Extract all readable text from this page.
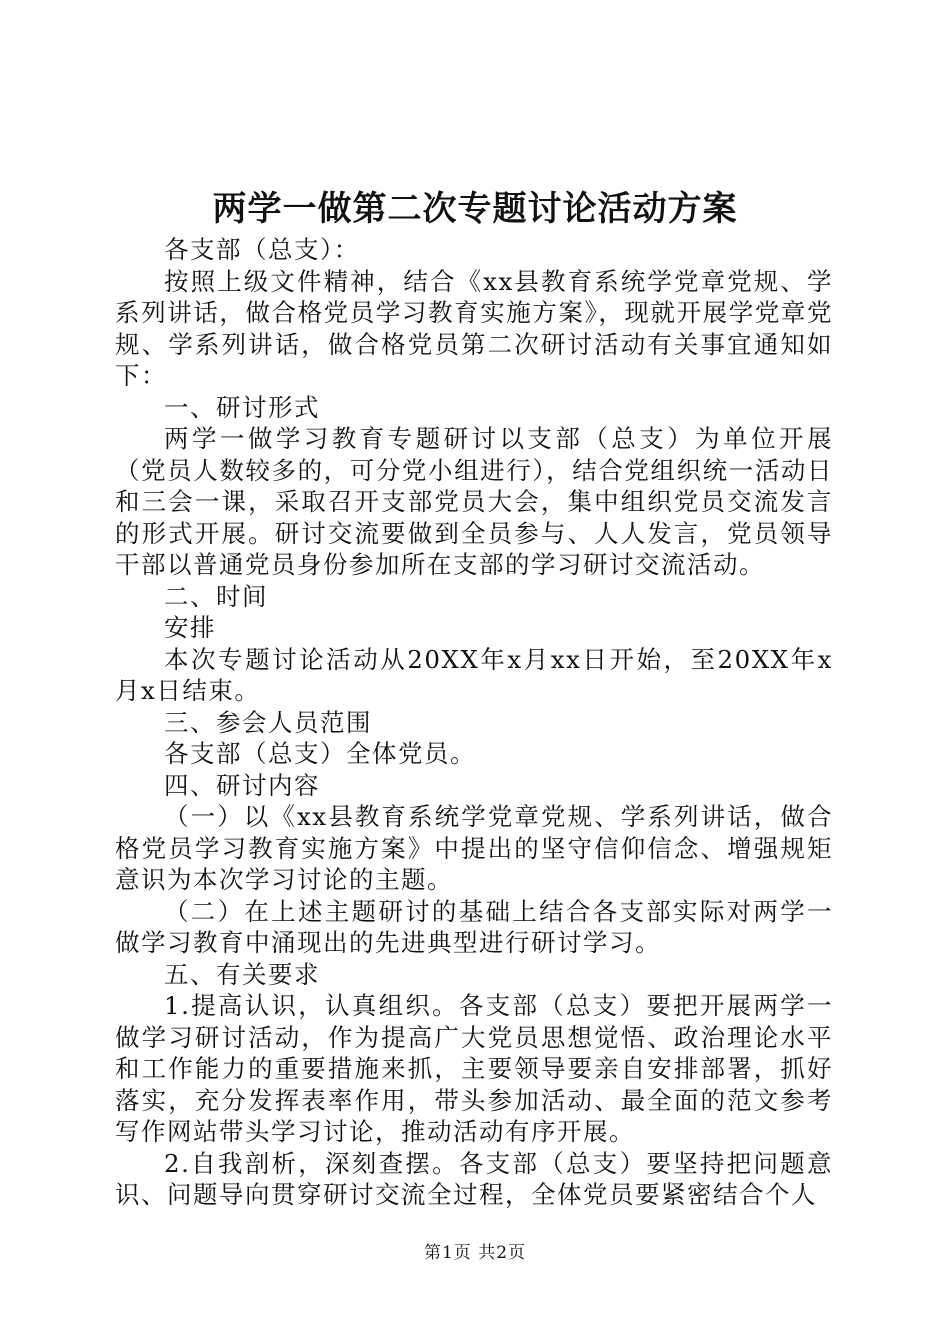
两学一做第二次专题讨论活动方案

各支部（总支）：

按照上级文件精神，结合《xx县教育系统学党章党规、学系列讲话，做合格党员学习教育实施方案》，现就开展学党章党规、学系列讲话，做合格党员第二次研讨活动有关事宜通知如下：

一、研讨形式

两学一做学习教育专题研讨以支部（总支）为单位开展（党员人数较多的，可分党小组进行），结合党组织统一活动日和三会一课，采取召开支部党员大会，集中组织党员交流发言的形式开展。研讨交流要做到全员参与、人人发言，党员领导干部以普通党员身份参加所在支部的学习研讨交流活动。

二、时间

安排

本次专题讨论活动从20XX年x月xx日开始，至20XX年x月x日结束。

三、参会人员范围

各支部（总支）全体党员。

四、研讨内容

（一）以《xx县教育系统学党章党规、学系列讲话，做合格党员学习教育实施方案》中提出的坚守信仰信念、增强规矩意识为本次学习讨论的主题。

（二）在上述主题研讨的基础上结合各支部实际对两学一做学习教育中涌现出的先进典型进行研讨学习。

五、有关要求

1.提高认识，认真组织。各支部（总支）要把开展两学一做学习研讨活动，作为提高广大党员思想觉悟、政治理论水平和工作能力的重要措施来抓，主要领导要亲自安排部署，抓好落实，充分发挥表率作用，带头参加活动、最全面的范文参考写作网站带头学习讨论，推动活动有序开展。

2.自我剖析，深刻查摆。各支部（总支）要坚持把问题意识、问题导向贯穿研讨交流全过程，全体党员要紧密结合个人

第1页 共2页
